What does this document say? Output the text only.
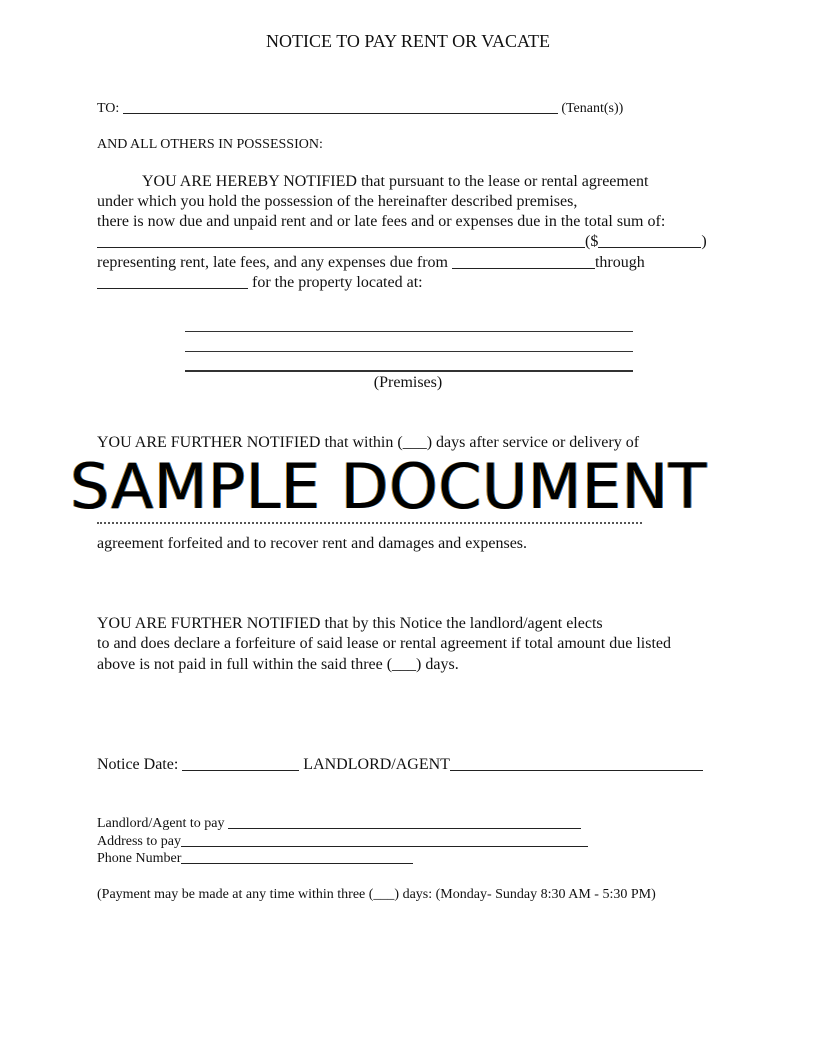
NOTICE TO PAY RENT OR VACATE
TO:	(Tenant(s))
AND ALL OTHERS IN POSSESSION:
YOU ARE HEREBY NOTIFIED that pursuant to the lease or rental agreement
under which you hold the possession of the hereinafter described premises,
there is now due and unpaid rent and or late fees and or expenses due in the total sum of:
($	)
representing rent, late fees, and any expenses due from	through
for the property located at:
(Premises)
YOU ARE FURTHER NOTIFIED that within (___) days after service or delivery of
agreement forfeited and to recover rent and damages and expenses.
SAMPLE DOCUMENT
YOU ARE FURTHER NOTIFIED that by this Notice the landlord/agent elects
to and does declare a forfeiture of said lease or rental agreement if total amount due listed
above is not paid in full within the said three (___) days.
Notice Date:	LANDLORD/AGENT
Landlord/Agent to pay
Address to pay
Phone Number
(Payment may be made at any time within three (___) days: (Monday- Sunday 8:30 AM - 5:30 PM)
